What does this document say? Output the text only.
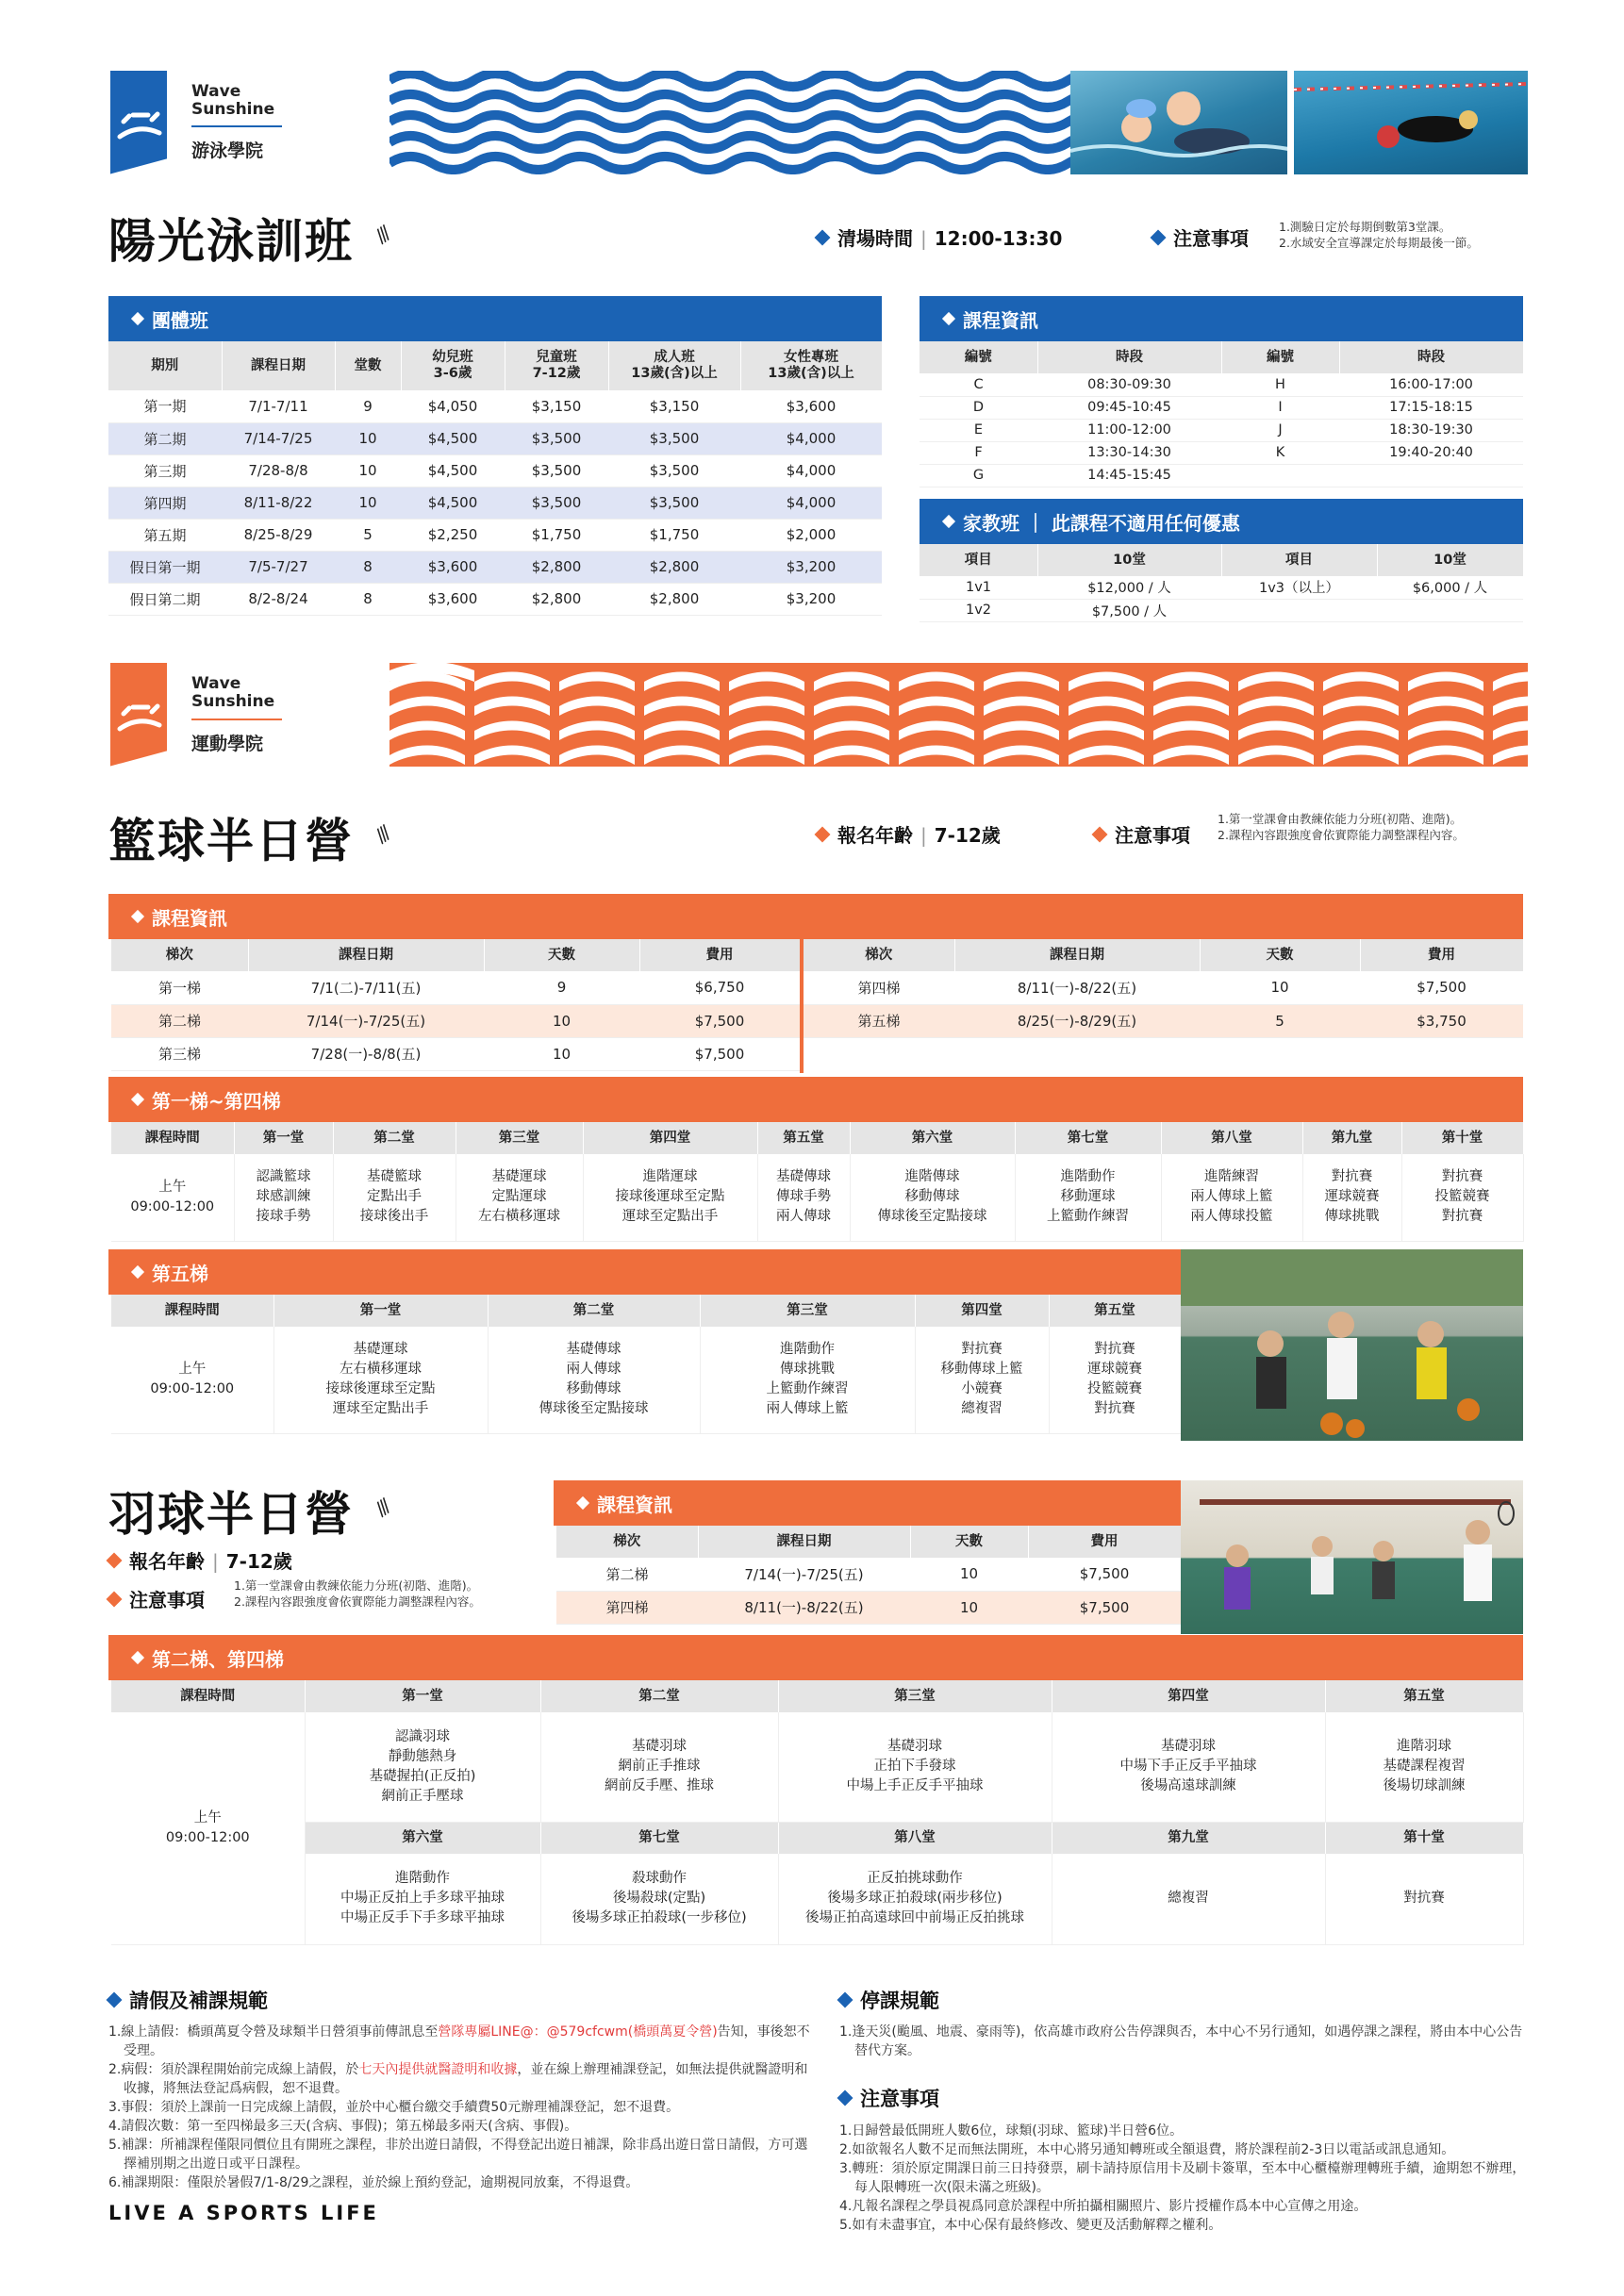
Wave
Sunshine
游泳學院
陽光泳訓班 ///	清場時間 | 12:00-13:30	注意事項
1.測驗日定於每期倒數第3堂課。
2.水域安全宣導課定於每期最後一節。
團體班
期別	課程日期	堂數	幼兒班
3-6歲	兒童班
7-12歲	成人班
13歲(含)以上	女性專班
13歲(含)以上
第一期	7/1-7/11	9	$4,050	$3,150	$3,150	$3,600
第二期	7/14-7/25	10	$4,500	$3,500	$3,500	$4,000
第三期	7/28-8/8	10	$4,500	$3,500	$3,500	$4,000
第四期	8/11-8/22	10	$4,500	$3,500	$3,500	$4,000
第五期	8/25-8/29	5	$2,250	$1,750	$1,750	$2,000
假日第一期	7/5-7/27	8	$3,600	$2,800	$2,800	$3,200
假日第二期	8/2-8/24	8	$3,600	$2,800	$2,800	$3,200
課程資訊
編號	時段	編號	時段
C	08:30-09:30	H	16:00-17:00
D	09:45-10:45	I	17:15-18:15
E	11:00-12:00	J	18:30-19:30
F	13:30-14:30	K	19:40-20:40
G	14:45-15:45		
家教班 ｜ 此課程不適用任何優惠
項目	10堂	項目	10堂
1v1	$12,000 / 人	1v3（以上）	$6,000 / 人
1v2	$7,500 / 人		
Wave
Sunshine
運動學院
籃球半日營 ///	報名年齡 | 7-12歲	注意事項
1.第一堂課會由教練依能力分班(初階、進階)。
2.課程內容跟強度會依實際能力調整課程內容。
課程資訊
梯次	課程日期	天數	費用
第一梯	7/1(二)-7/11(五)	9	$6,750
第二梯	7/14(一)-7/25(五)	10	$7,500
第三梯	7/28(一)-8/8(五)	10	$7,500
梯次	課程日期	天數	費用
第四梯	8/11(一)-8/22(五)	10	$7,500
第五梯	8/25(一)-8/29(五)	5	$3,750
第一梯~第四梯
課程時間	第一堂	第二堂	第三堂	第四堂	第五堂	第六堂	第七堂	第八堂	第九堂	第十堂
上午
09:00-12:00	認識籃球
球感訓練
接球手勢	基礎籃球
定點出手
接球後出手	基礎運球
定點運球
左右橫移運球	進階運球
接球後運球至定點
運球至定點出手	基礎傳球
傳球手勢
兩人傳球	進階傳球
移動傳球
傳球後至定點接球	進階動作
移動運球
上籃動作練習	進階練習
兩人傳球上籃
兩人傳球投籃	對抗賽
運球競賽
傳球挑戰	對抗賽
投籃競賽
對抗賽
第五梯
課程時間	第一堂	第二堂	第三堂	第四堂	第五堂
上午
09:00-12:00	基礎運球
左右橫移運球
接球後運球至定點
運球至定點出手	基礎傳球
兩人傳球
移動傳球
傳球後至定點接球	進階動作
傳球挑戰
上籃動作練習
兩人傳球上籃	對抗賽
移動傳球上籃
小競賽
總複習	對抗賽
運球競賽
投籃競賽
對抗賽
羽球半日營 ///
報名年齡 | 7-12歲
注意事項
1.第一堂課會由教練依能力分班(初階、進階)。
2.課程內容跟強度會依實際能力調整課程內容。
課程資訊
梯次	課程日期	天數	費用
第二梯	7/14(一)-7/25(五)	10	$7,500
第四梯	8/11(一)-8/22(五)	10	$7,500
第二梯、第四梯
課程時間	第一堂	第二堂	第三堂	第四堂	第五堂
上午
09:00-12:00	認識羽球
靜動態熱身
基礎握拍(正反拍)
網前正手壓球	基礎羽球
網前正手推球
網前反手壓、推球	基礎羽球
正拍下手發球
中場上手正反手平抽球	基礎羽球
中場下手正反手平抽球
後場高遠球訓練	進階羽球
基礎課程複習
後場切球訓練
	第六堂	第七堂	第八堂	第九堂	第十堂
	進階動作
中場正反拍上手多球平抽球
中場正反手下手多球平抽球	殺球動作
後場殺球(定點)
後場多球正拍殺球(一步移位)	正反拍挑球動作
後場多球正拍殺球(兩步移位)
後場正拍高遠球回中前場正反拍挑球	總複習	對抗賽
請假及補課規範
1.線上請假：橋頭萬夏令營及球類半日營須事前傳訊息至營隊專屬LINE@：@579cfcwm(橋頭萬夏令營)告知，事後恕不受理。
2.病假：須於課程開始前完成線上請假，於七天內提供就醫證明和收據，並在線上辦理補課登記，如無法提供就醫證明和收據，將無法登記爲病假，恕不退費。
3.事假：須於上課前一日完成線上請假，並於中心櫃台繳交手續費50元辦理補課登記，恕不退費。
4.請假次數：第一至四梯最多三天(含病、事假)；第五梯最多兩天(含病、事假)。
5.補課：所補課程僅限同價位且有開班之課程，非於出遊日請假，不得登記出遊日補課，除非爲出遊日當日請假，方可選擇補別期之出遊日或平日課程。
6.補課期限：僅限於暑假7/1-8/29之課程，並於線上預約登記，逾期視同放棄，不得退費。
停課規範
1.逢天災(颱風、地震、豪雨等)，依高雄市政府公告停課與否，本中心不另行通知，如遇停課之課程，將由本中心公告替代方案。
注意事項
1.日歸營最低開班人數6位，球類(羽球、籃球)半日營6位。
2.如欲報名人數不足而無法開班，本中心將另通知轉班或全額退費，將於課程前2-3日以電話或訊息通知。
3.轉班：須於原定開課日前三日持發票，刷卡請持原信用卡及刷卡簽單，至本中心櫃檯辦理轉班手續，逾期恕不辦理，每人限轉班一次(限未滿之班級)。
4.凡報名課程之學員視爲同意於課程中所拍攝相關照片、影片授權作爲本中心宣傳之用途。
5.如有未盡事宜，本中心保有最終修改、變更及活動解釋之權利。
LIVE A SPORTS LIFE
